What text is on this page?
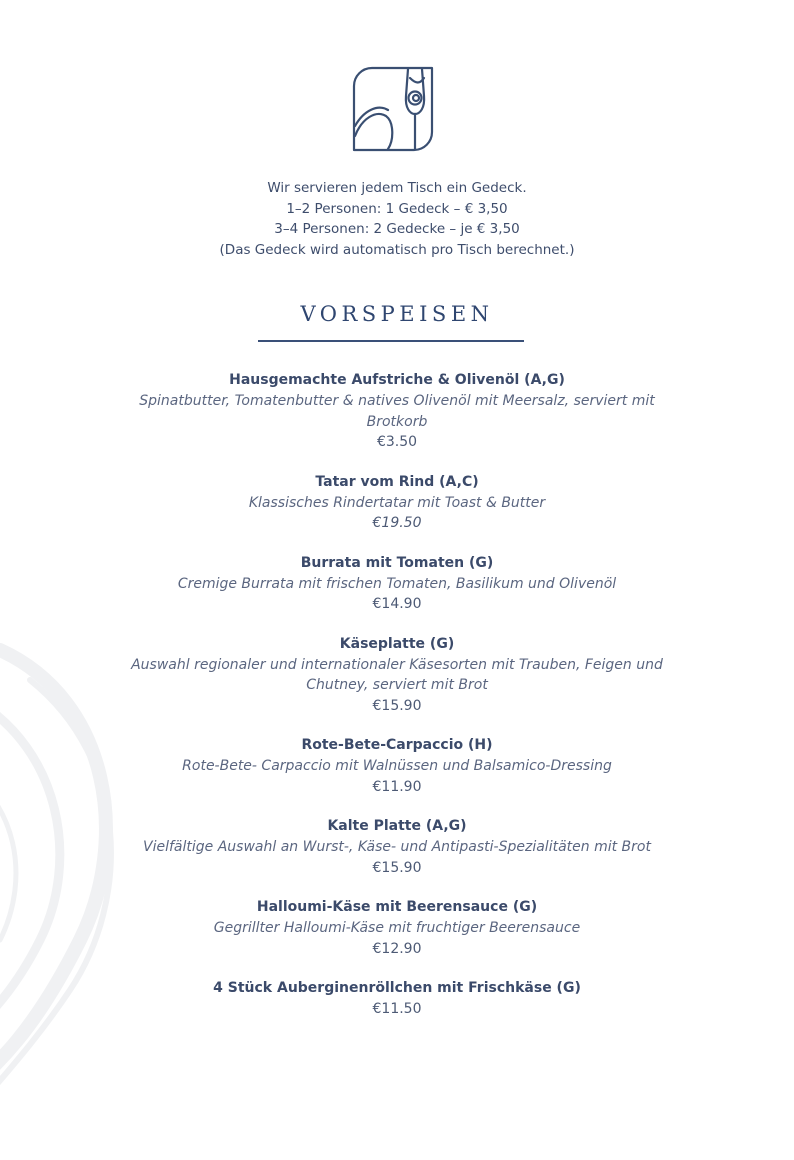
Wir servieren jedem Tisch ein Gedeck.
1–2 Personen: 1 Gedeck – € 3,50
3–4 Personen: 2 Gedecke – je € 3,50
(Das Gedeck wird automatisch pro Tisch berechnet.)
VORSPEISEN
Hausgemachte Aufstriche & Olivenöl (A,G)
Spinatbutter, Tomatenbutter & natives Olivenöl mit Meersalz, serviert mit Brotkorb
€3.50
Tatar vom Rind (A,C)
Klassisches Rindertatar mit Toast & Butter
€19.50
Burrata mit Tomaten (G)
Cremige Burrata mit frischen Tomaten, Basilikum und Olivenöl
€14.90
Käseplatte (G)
Auswahl regionaler und internationaler Käsesorten mit Trauben, Feigen und Chutney, serviert mit Brot
€15.90
Rote-Bete-Carpaccio (H)
Rote-Bete- Carpaccio mit Walnüssen und Balsamico-Dressing
€11.90
Kalte Platte (A,G)
Vielfältige Auswahl an Wurst-, Käse- und Antipasti-Spezialitäten mit Brot
€15.90
Halloumi-Käse mit Beerensauce (G)
Gegrillter Halloumi-Käse mit fruchtiger Beerensauce
€12.90
4 Stück Auberginenröllchen mit Frischkäse (G)
€11.50
